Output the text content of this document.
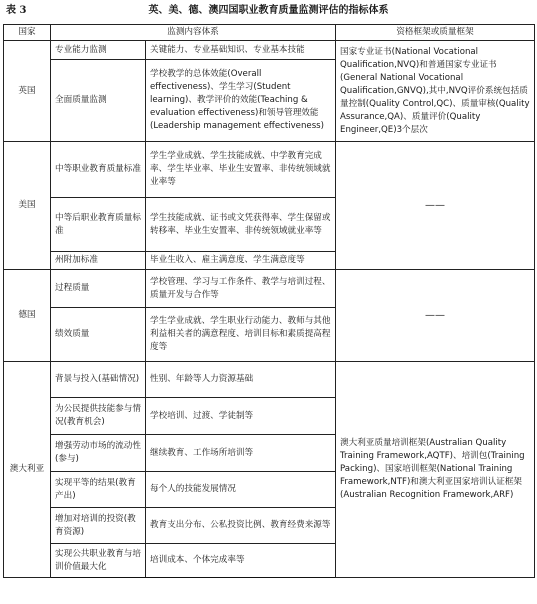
表 3	英、美、德、澳四国职业教育质量监测评估的指标体系
国家	监测内容体系		资格框架或质量框架
英国	专业能力监测	关键能力、专业基础知识、专业基本技能	国家专业证书(National Vocational Qualification,NVQ)和普通国家专业证书(General National Vocational Qualification,GNVQ),其中,NVQ评价系统包括质量控制(Quality Control,QC)、质量审核(Quality Assurance,QA)、质量评价(Quality Engineer,QE)3个层次
	全面质量监测	学校教学的总体效能(Overall effectiveness)、学生学习(Student learning)、教学评价的效能(Teaching & evaluation effectiveness)和领导管理效能(Leadership management effectiveness)	
美国	中等职业教育质量标准	学生学业成就、学生技能成就、中学教育完成率、学生毕业率、毕业生安置率、非传统领域就业率等	——
	中等后职业教育质量标准	学生技能成就、证书或文凭获得率、学生保留或转移率、毕业生安置率、非传统领域就业率等	
	州附加标准	毕业生收入、雇主满意度、学生满意度等	
德国	过程质量	学校管理、学习与工作条件、教学与培训过程、质量开发与合作等	——
	绩效质量	学生学业成就、学生职业行动能力、教师与其他利益相关者的满意程度、培训目标和素质提高程度等	
澳大利亚	背景与投入(基础情况)	性别、年龄等人力资源基础	澳大利亚质量培训框架(Australian Quality Training Framework,AQTF)、培训包(Training Packing)、国家培训框架(National Training Framework,NTF)和澳大利亚国家培训认证框架(Australian Recognition Framework,ARF)
	为公民提供技能参与情况(教育机会)	学校培训、过渡、学徒制等	
	增强劳动市场的流动性(参与)	继续教育、工作场所培训等	
	实现平等的结果(教育产出)	每个人的技能发展情况	
	增加对培训的投资(教育资源)	教育支出分布、公私投资比例、教育经费来源等	
	实现公共职业教育与培训价值最大化	培训成本、个体完成率等	
